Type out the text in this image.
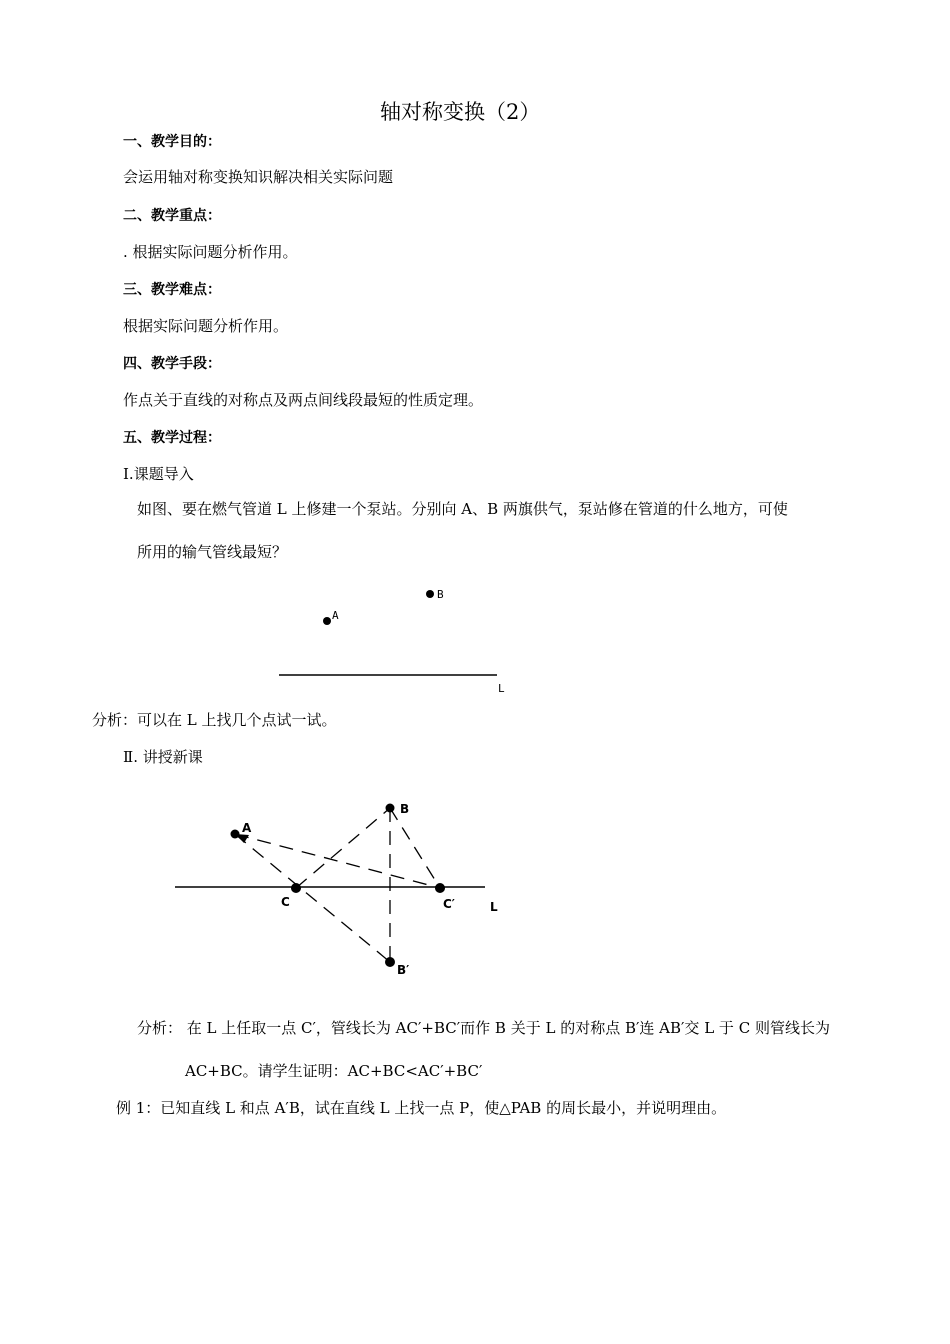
轴对称变换（2）
一、教学目的：
会运用轴对称变换知识解决相关实际问题
二、教学重点：
. 根据实际问题分析作用。
三、教学难点：
根据实际问题分析作用。
四、教学手段：
作点关于直线的对称点及两点间线段最短的性质定理。
五、教学过程：
Ⅰ.课题导入
如图、要在燃气管道 L 上修建一个泵站。分别向 A、B 两旗供气，泵站修在管道的什么地方，可使
所用的输气管线最短？
A
B
L
分析：可以在 L 上找几个点试一试。
Ⅱ. 讲授新课
A
B
C	C′
B′
L
分析： 在 L 上任取一点 C′，管线长为 AC′+BC′而作 B 关于 L 的对称点 B′连 AB′交 L 于 C 则管线长为
AC+BC。请学生证明：AC+BC<AC′+BC′
例 1：已知直线 L 和点 A′B，试在直线 L 上找一点 P，使△PAB 的周长最小，并说明理由。
